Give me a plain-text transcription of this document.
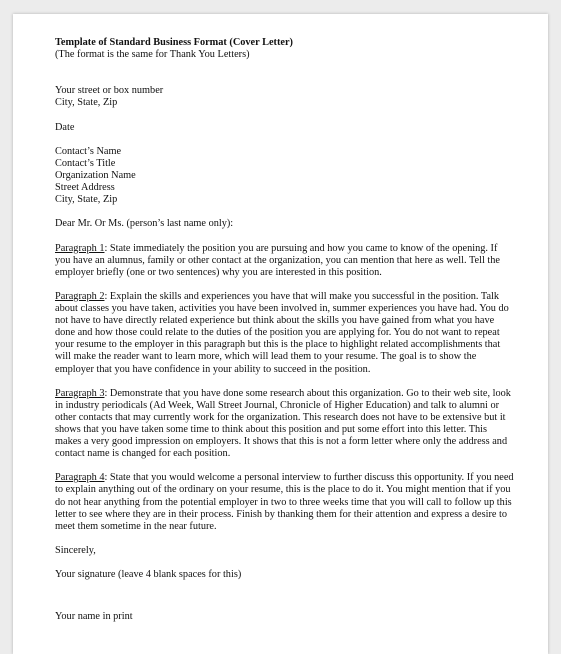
Template of Standard Business Format (Cover Letter)

(The format is the same for Thank You Letters)

Your street or box number

City, State, Zip

Date

Contact’s Name

Contact’s Title

Organization Name

Street Address

City, State, Zip

Dear Mr. Or Ms. (person’s last name only):

Paragraph 1: State immediately the position you are pursuing and how you came to know of the opening. If you have an alumnus, family or other contact at the organization, you can mention that here as well. Tell the employer briefly (one or two sentences) why you are interested in this position.

Paragraph 2: Explain the skills and experiences you have that will make you successful in the position. Talk about classes you have taken, activities you have been involved in, summer experiences you have had. You do not have to have directly related experience but think about the skills you have gained from what you have done and how those could relate to the duties of the position you are applying for. You do not want to repeat your resume to the employer in this paragraph but this is the place to highlight related accomplishments that will make the reader want to learn more, which will lead them to your resume. The goal is to show the employer that you have confidence in your ability to succeed in the position.

Paragraph 3: Demonstrate that you have done some research about this organization. Go to their web site, look in industry periodicals (Ad Week, Wall Street Journal, Chronicle of Higher Education) and talk to alumni or other contacts that may currently work for the organization. This research does not have to be extensive but it shows that you have taken some time to think about this position and put some effort into this letter. This makes a very good impression on employers. It shows that this is not a form letter where only the address and contact name is changed for each position.

Paragraph 4: State that you would welcome a personal interview to further discuss this opportunity. If you need to explain anything out of the ordinary on your resume, this is the place to do it. You might mention that if you do not hear anything from the potential employer in two to three weeks time that you will call to follow up this letter to see where they are in their process. Finish by thanking them for their attention and express a desire to meet them sometime in the near future.

Sincerely,

Your signature (leave 4 blank spaces for this)

Your name in print
